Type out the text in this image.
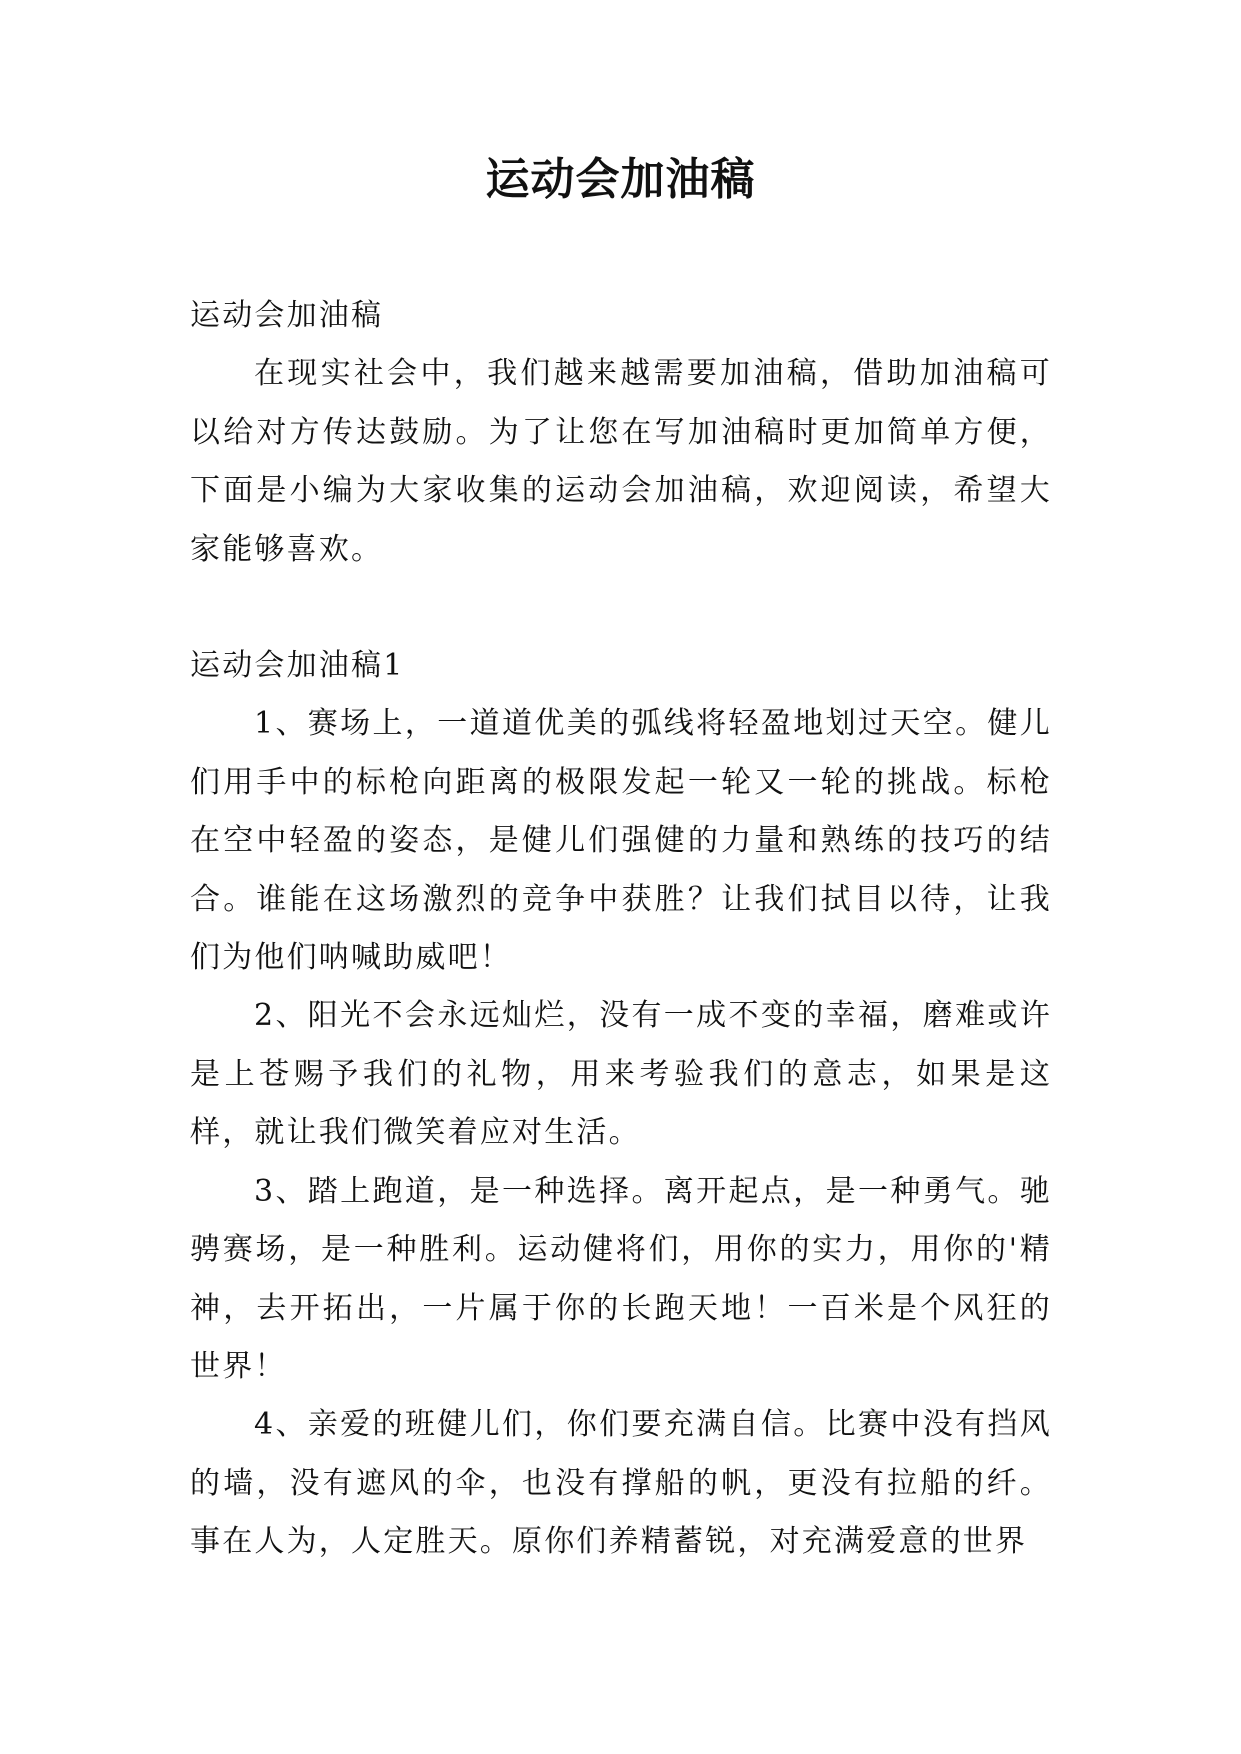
运动会加油稿

运动会加油稿

在现实社会中，我们越来越需要加油稿，借助加油稿可以给对方传达鼓励。为了让您在写加油稿时更加简单方便，下面是小编为大家收集的运动会加油稿，欢迎阅读，希望大家能够喜欢。

运动会加油稿1

1、赛场上，一道道优美的弧线将轻盈地划过天空。健儿们用手中的标枪向距离的极限发起一轮又一轮的挑战。标枪在空中轻盈的姿态，是健儿们强健的力量和熟练的技巧的结合。谁能在这场激烈的竞争中获胜？让我们拭目以待，让我们为他们呐喊助威吧！

2、阳光不会永远灿烂，没有一成不变的幸福，磨难或许是上苍赐予我们的礼物，用来考验我们的意志，如果是这样，就让我们微笑着应对生活。

3、踏上跑道，是一种选择。离开起点，是一种勇气。驰骋赛场，是一种胜利。运动健将们，用你的实力，用你的'精神，去开拓出，一片属于你的长跑天地！一百米是个风狂的世界！

4、亲爱的班健儿们，你们要充满自信。比赛中没有挡风的墙，没有遮风的伞，也没有撑船的帆，更没有拉船的纤。事在人为，人定胜天。原你们养精蓄锐，对充满爱意的世界
